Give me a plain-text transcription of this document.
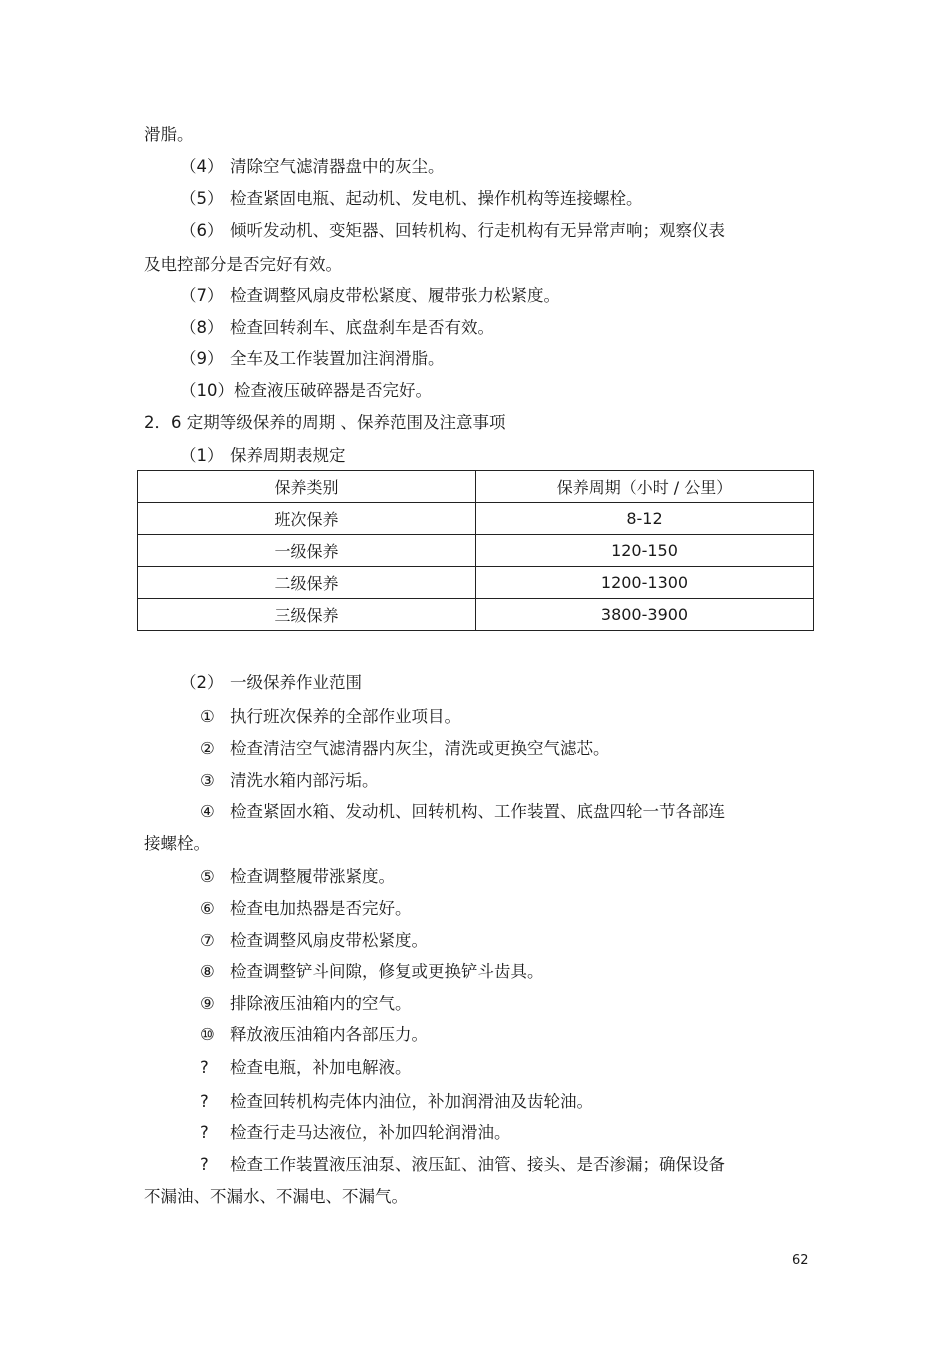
滑脂。
（4） 清除空气滤清器盘中的灰尘。
（5） 检查紧固电瓶、起动机、发电机、操作机构等连接螺栓。
（6） 倾听发动机、变矩器、回转机构、行走机构有无异常声响；观察仪表
及电控部分是否完好有效。
（7） 检查调整风扇皮带松紧度、履带张力松紧度。
（8） 检查回转刹车、底盘刹车是否有效。
（9） 全车及工作装置加注润滑脂。
（10）检查液压破碎器是否完好。
2．6 定期等级保养的周期 、保养范围及注意事项
（1） 保养周期表规定
保养类别	保养周期（小时 / 公里）
班次保养	8-12
一级保养	120-150
二级保养	1200-1300
三级保养	3800-3900
（2） 一级保养作业范围
① 执行班次保养的全部作业项目。
② 检查清洁空气滤清器内灰尘，清洗或更换空气滤芯。
③ 清洗水箱内部污垢。
④ 检查紧固水箱、发动机、回转机构、工作装置、底盘四轮一节各部连
接螺栓。
⑤ 检查调整履带涨紧度。
⑥ 检查电加热器是否完好。
⑦ 检查调整风扇皮带松紧度。
⑧ 检查调整铲斗间隙，修复或更换铲斗齿具。
⑨ 排除液压油箱内的空气。
⑩ 释放液压油箱内各部压力。
? 检查电瓶，补加电解液。
? 检查回转机构壳体内油位，补加润滑油及齿轮油。
? 检查行走马达液位，补加四轮润滑油。
? 检查工作装置液压油泵、液压缸、油管、接头、是否渗漏；确保设备
不漏油、不漏水、不漏电、不漏气。
62
